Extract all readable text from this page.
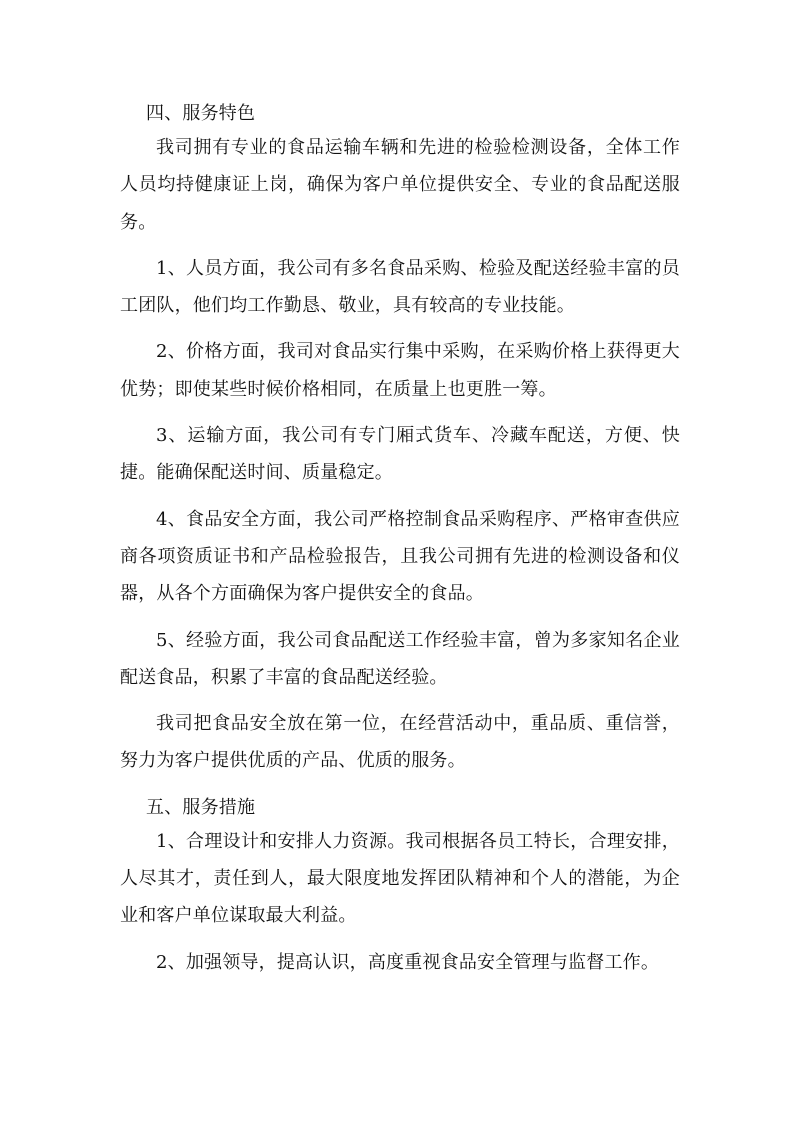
四、服务特色

我司拥有专业的食品运输车辆和先进的检验检测设备，全体工作人员均持健康证上岗，确保为客户单位提供安全、专业的食品配送服务。

1、人员方面，我公司有多名食品采购、检验及配送经验丰富的员工团队，他们均工作勤恳、敬业，具有较高的专业技能。

2、价格方面，我司对食品实行集中采购，在采购价格上获得更大优势；即使某些时候价格相同，在质量上也更胜一筹。

3、运输方面，我公司有专门厢式货车、冷藏车配送，方便、快捷。能确保配送时间、质量稳定。

4、食品安全方面，我公司严格控制食品采购程序、严格审查供应商各项资质证书和产品检验报告，且我公司拥有先进的检测设备和仪器，从各个方面确保为客户提供安全的食品。

5、经验方面，我公司食品配送工作经验丰富，曾为多家知名企业配送食品，积累了丰富的食品配送经验。

我司把食品安全放在第一位，在经营活动中，重品质、重信誉，努力为客户提供优质的产品、优质的服务。

五、服务措施

1、合理设计和安排人力资源。我司根据各员工特长，合理安排，人尽其才，责任到人，最大限度地发挥团队精神和个人的潜能，为企业和客户单位谋取最大利益。

2、加强领导，提高认识，高度重视食品安全管理与监督工作。
